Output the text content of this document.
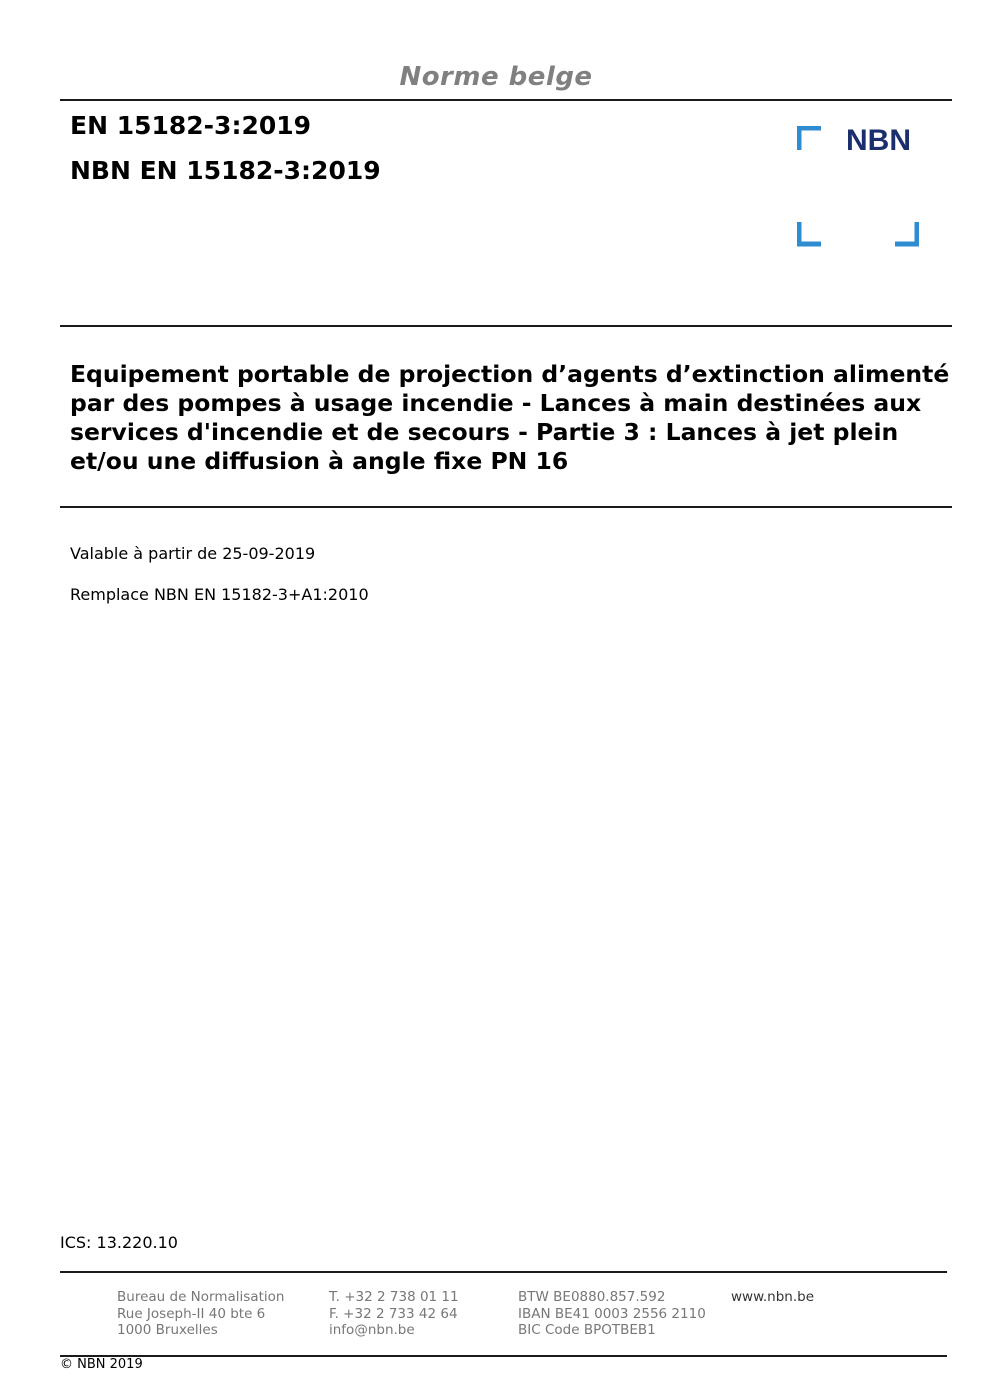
Norme belge
EN 15182-3:2019
NBN EN 15182-3:2019
NBN
Equipement portable de projection d’agents d’extinction alimenté
par des pompes à usage incendie - Lances à main destinées aux
services d'incendie et de secours - Partie 3 : Lances à jet plein
et/ou une diffusion à angle fixe PN 16
Valable à partir de 25-09-2019
Remplace NBN EN 15182-3+A1:2010
ICS: 13.220.10
Bureau de Normalisation
Rue Joseph-II 40 bte 6
1000 Bruxelles
T. +32 2 738 01 11
F. +32 2 733 42 64
info@nbn.be
BTW BE0880.857.592
IBAN BE41 0003 2556 2110
BIC Code BPOTBEB1
www.nbn.be
© NBN 2019
